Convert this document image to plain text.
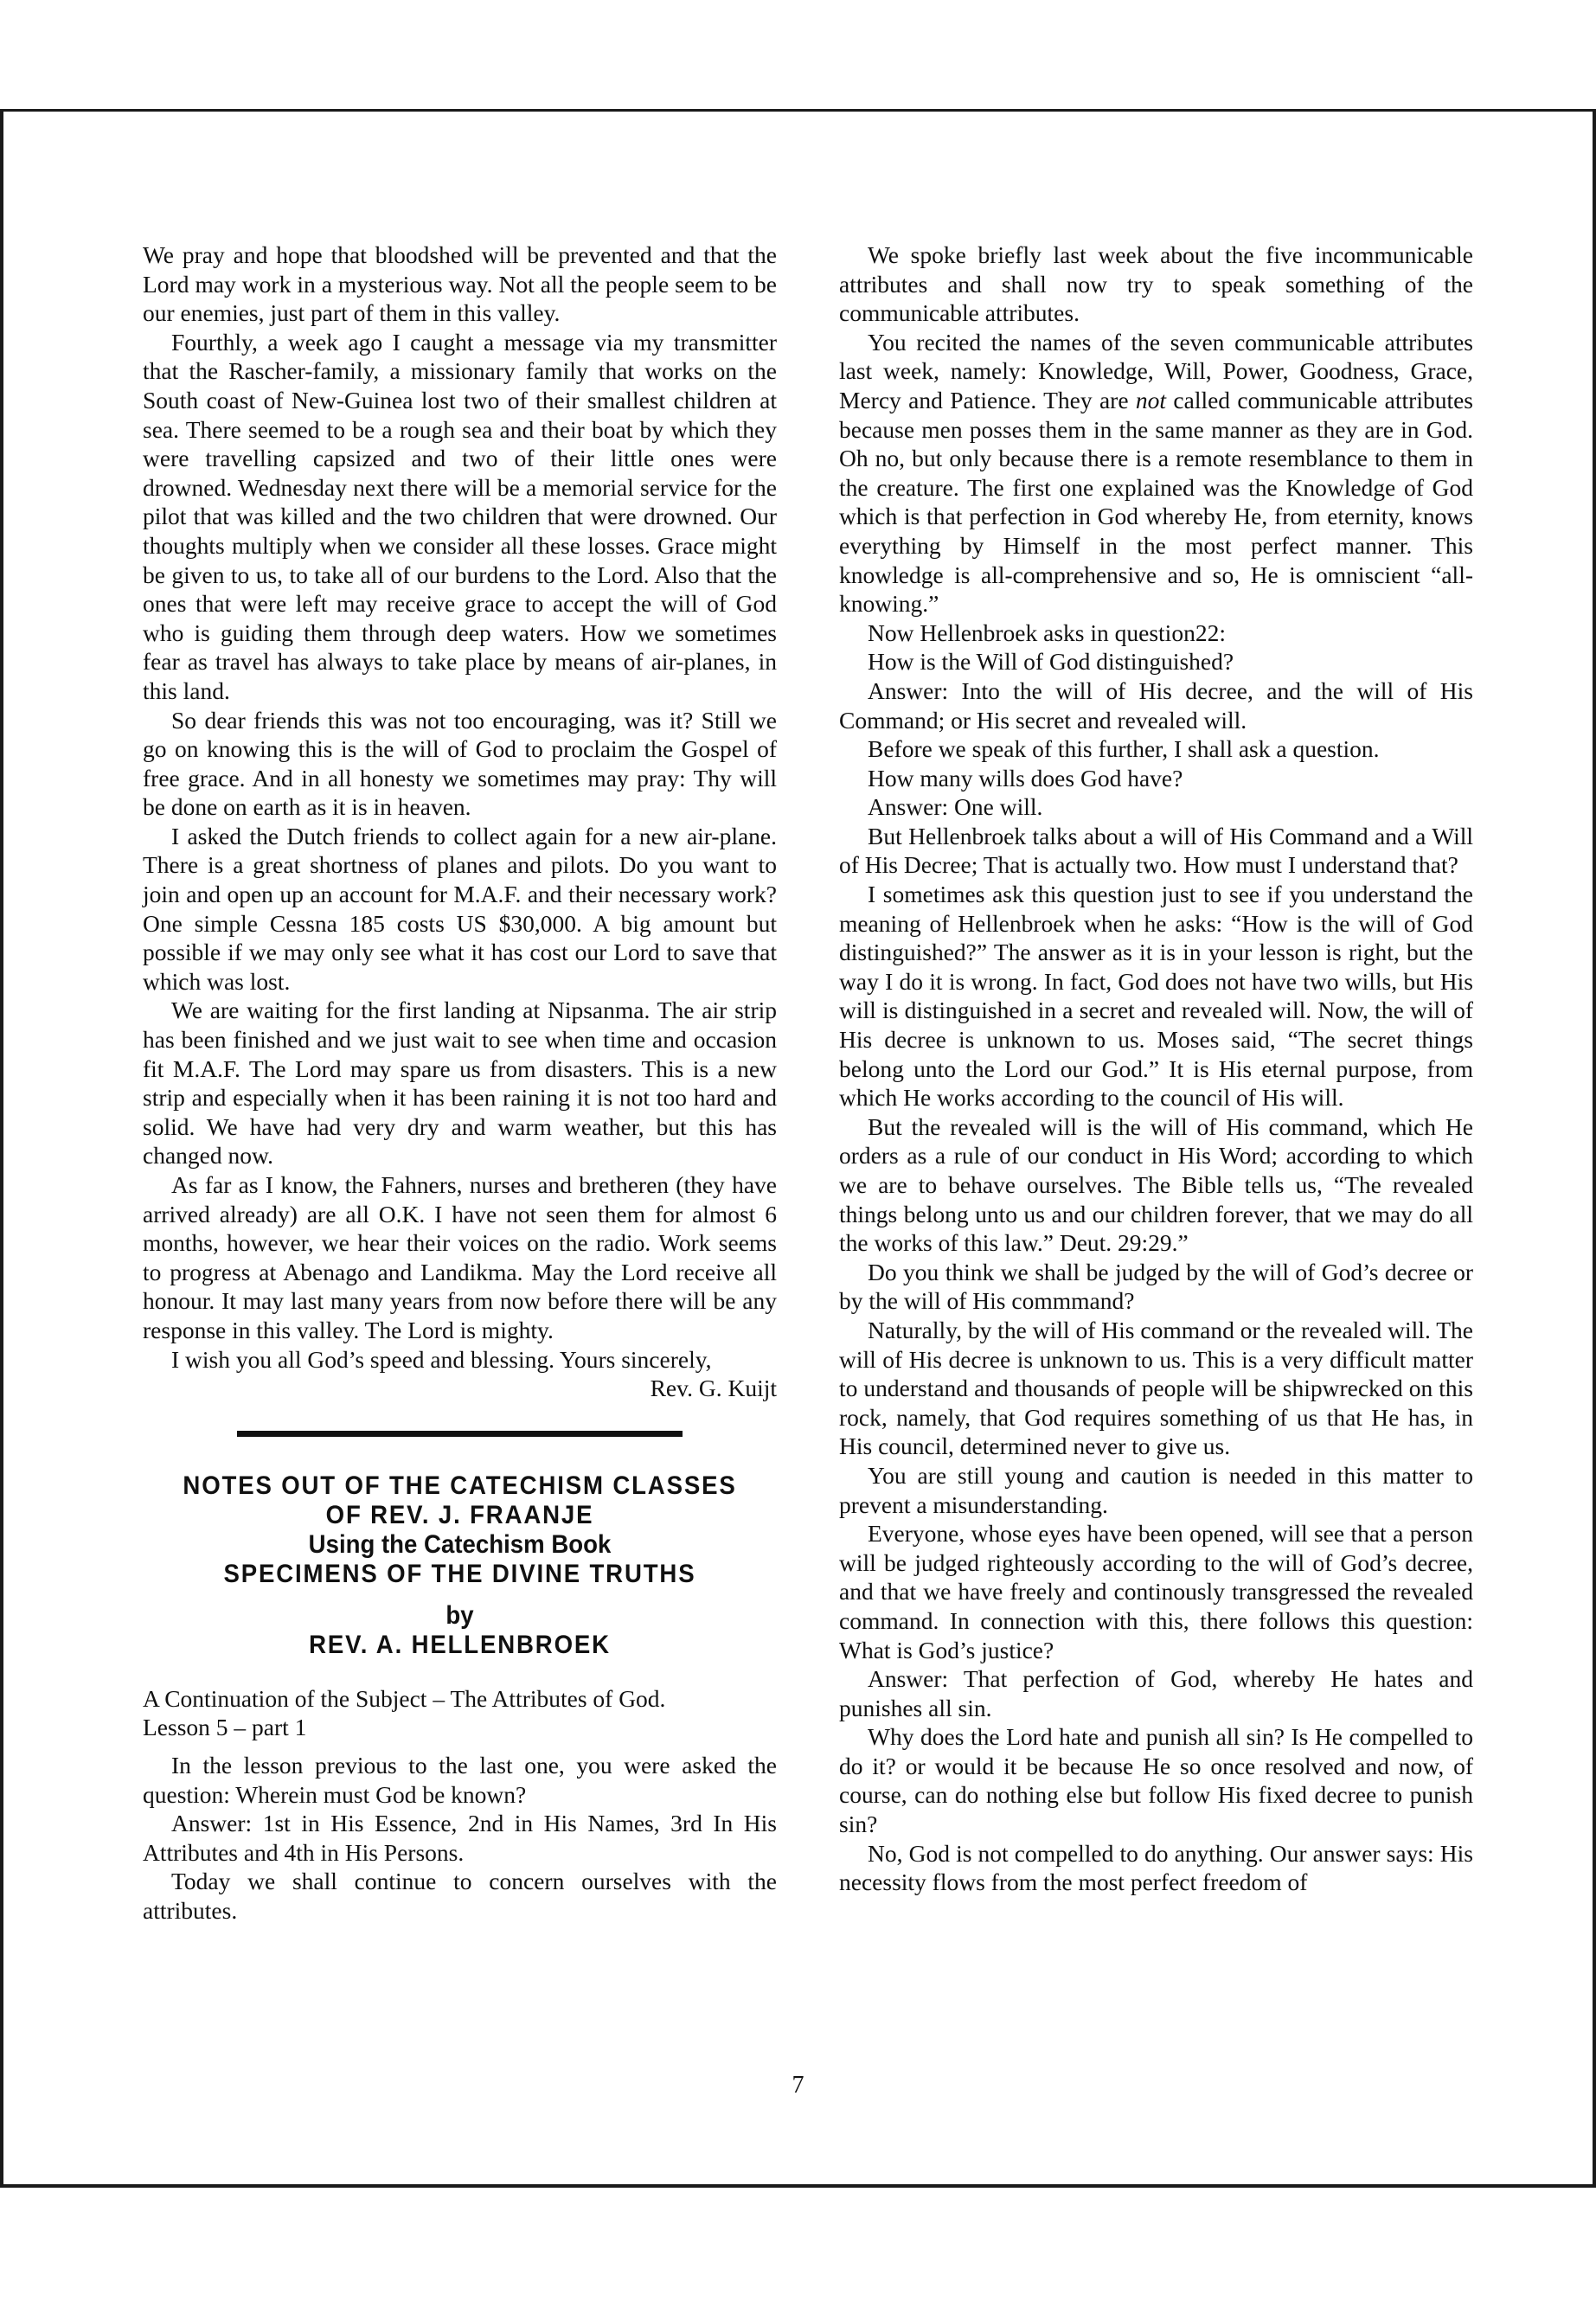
We pray and hope that bloodshed will be prevented and that the Lord may work in a mysterious way. Not all the people seem to be our enemies, just part of them in this valley.

Fourthly, a week ago I caught a message via my transmitter that the Rascher-family, a missionary family that works on the South coast of New-Guinea lost two of their smallest children at sea. There seemed to be a rough sea and their boat by which they were travelling capsized and two of their little ones were drowned. Wednesday next there will be a memorial service for the pilot that was killed and the two children that were drowned. Our thoughts multiply when we consider all these losses. Grace might be given to us, to take all of our burdens to the Lord. Also that the ones that were left may receive grace to accept the will of God who is guiding them through deep waters. How we sometimes fear as travel has always to take place by means of air-planes, in this land.

So dear friends this was not too encouraging, was it? Still we go on knowing this is the will of God to proclaim the Gospel of free grace. And in all honesty we sometimes may pray: Thy will be done on earth as it is in heaven.

I asked the Dutch friends to collect again for a new air-plane. There is a great shortness of planes and pilots. Do you want to join and open up an account for M.A.F. and their necessary work? One simple Cessna 185 costs US $30,000. A big amount but possible if we may only see what it has cost our Lord to save that which was lost.

We are waiting for the first landing at Nipsanma. The air strip has been finished and we just wait to see when time and occasion fit M.A.F. The Lord may spare us from disasters. This is a new strip and especially when it has been raining it is not too hard and solid. We have had very dry and warm weather, but this has changed now.

As far as I know, the Fahners, nurses and bretheren (they have arrived already) are all O.K. I have not seen them for almost 6 months, however, we hear their voices on the radio. Work seems to progress at Abenago and Landikma. May the Lord receive all honour. It may last many years from now before there will be any response in this valley. The Lord is mighty.

I wish you all God’s speed and blessing. Yours sincerely,

Rev. G. Kuijt

NOTES OUT OF THE CATECHISM CLASSES
OF REV. J. FRAANJE
Using the Catechism Book
SPECIMENS OF THE DIVINE TRUTHS
by
REV. A. HELLENBROEK

A Continuation of the Subject – The Attributes of God.

Lesson 5 – part 1

In the lesson previous to the last one, you were asked the question: Wherein must God be known?

Answer: 1st in His Essence, 2nd in His Names, 3rd In His Attributes and 4th in His Persons.

Today we shall continue to concern ourselves with the attributes.

We spoke briefly last week about the five incommunicable attributes and shall now try to speak something of the communicable attributes.

You recited the names of the seven communicable attributes last week, namely: Knowledge, Will, Power, Goodness, Grace, Mercy and Patience. They are not called communicable attributes because men posses them in the same manner as they are in God. Oh no, but only because there is a remote resemblance to them in the creature. The first one explained was the Knowledge of God which is that perfection in God whereby He, from eternity, knows everything by Himself in the most perfect manner. This knowledge is all-comprehensive and so, He is omniscient “all-knowing.”

Now Hellenbroek asks in question22:

How is the Will of God distinguished?

Answer: Into the will of His decree, and the will of His Command; or His secret and revealed will.

Before we speak of this further, I shall ask a question.

How many wills does God have?

Answer: One will.

But Hellenbroek talks about a will of His Command and a Will of His Decree; That is actually two. How must I understand that?

I sometimes ask this question just to see if you understand the meaning of Hellenbroek when he asks: “How is the will of God distinguished?” The answer as it is in your lesson is right, but the way I do it is wrong. In fact, God does not have two wills, but His will is distinguished in a secret and revealed will. Now, the will of His decree is unknown to us. Moses said, “The secret things belong unto the Lord our God.” It is His eternal purpose, from which He works according to the council of His will.

But the revealed will is the will of His command, which He orders as a rule of our conduct in His Word; according to which we are to behave ourselves. The Bible tells us, “The revealed things belong unto us and our children forever, that we may do all the works of this law.” Deut. 29:29.”

Do you think we shall be judged by the will of God’s decree or by the will of His commmand?

Naturally, by the will of His command or the revealed will. The will of His decree is unknown to us. This is a very difficult matter to understand and thousands of people will be shipwrecked on this rock, namely, that God requires something of us that He has, in His council, determined never to give us.

You are still young and caution is needed in this matter to prevent a misunderstanding.

Everyone, whose eyes have been opened, will see that a person will be judged righteously according to the will of God’s decree, and that we have freely and continously transgressed the revealed command. In connection with this, there follows this question: What is God’s justice?

Answer: That perfection of God, whereby He hates and punishes all sin.

Why does the Lord hate and punish all sin? Is He compelled to do it? or would it be because He so once resolved and now, of course, can do nothing else but follow His fixed decree to punish sin?

No, God is not compelled to do anything. Our answer says: His necessity flows from the most perfect freedom of

7
